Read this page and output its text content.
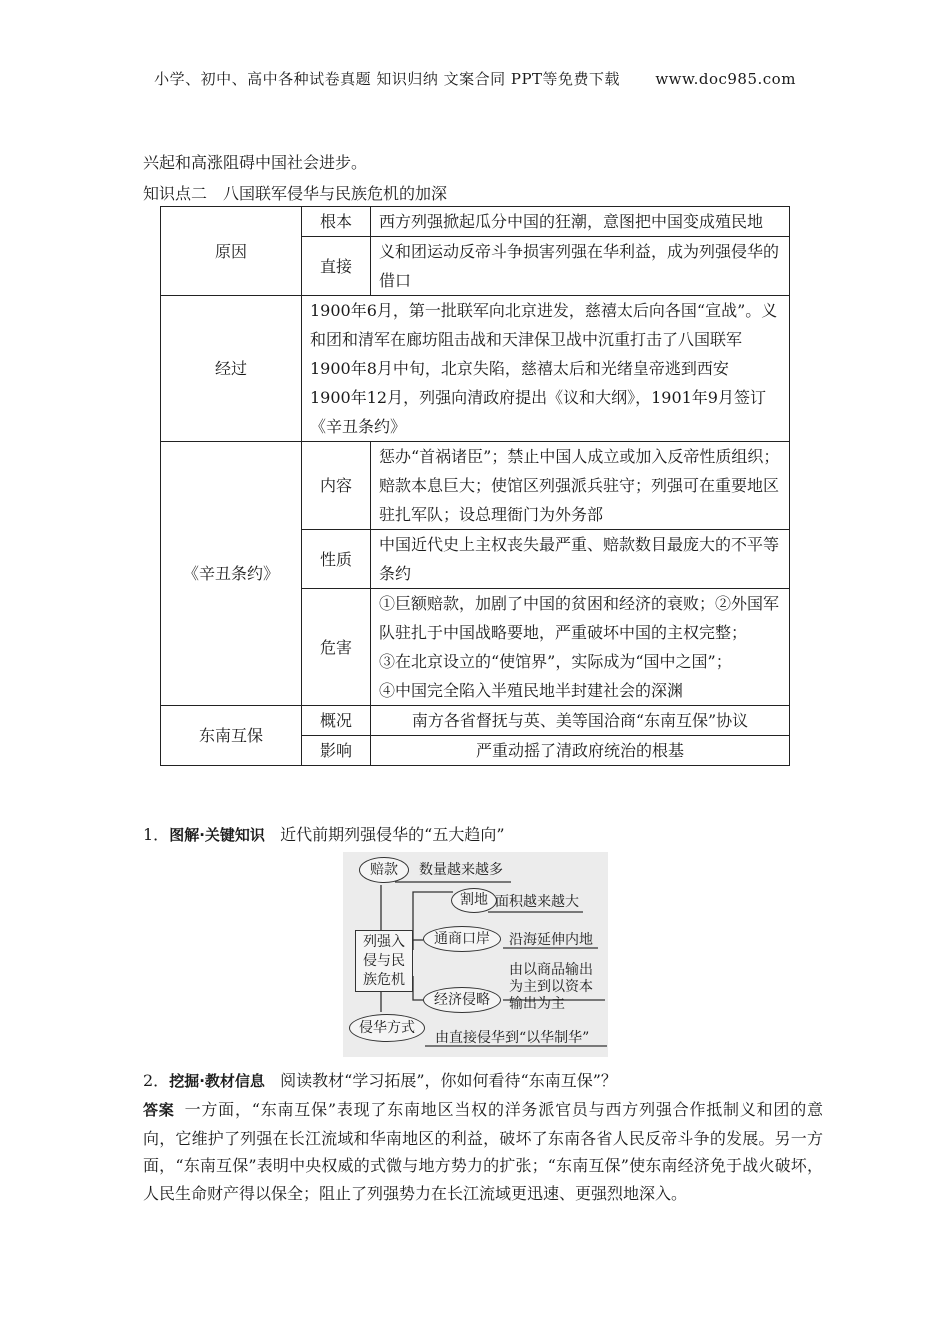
小学、初中、高中各种试卷真题 知识归纳 文案合同 PPT等免费下载 www.doc985.com
兴起和高涨阻碍中国社会进步。
知识点二　八国联军侵华与民族危机的加深
原因	根本	西方列强掀起瓜分中国的狂潮，意图把中国变成殖民地
	直接	义和团运动反帝斗争损害列强在华利益，成为列强侵华的借口
经过	1900年6月，第一批联军向北京进发，慈禧太后向各国“宣战”。义和团和清军在廊坊阻击战和天津保卫战中沉重打击了八国联军
1900年8月中旬，北京失陷，慈禧太后和光绪皇帝逃到西安
1900年12月，列强向清政府提出《议和大纲》，1901年9月签订《辛丑条约》	

《辛丑条约》	内容	惩办“首祸诸臣”；禁止中国人成立或加入反帝性质组织；赔款本息巨大；使馆区列强派兵驻守；列强可在重要地区驻扎军队；设总理衙门为外务部
	性质	中国近代史上主权丧失最严重、赔款数目最庞大的不平等条约
	危害	①巨额赔款，加剧了中国的贫困和经济的衰败；②外国军队驻扎于中国战略要地，严重破坏中国的主权完整；
③在北京设立的“使馆界”，实际成为“国中之国”；
④中国完全陷入半殖民地半封建社会的深渊

东南互保	概况	南方各省督抚与英、美等国洽商“东南互保”协议
	影响	严重动摇了清政府统治的根基
1．图解·关键知识 近代前期列强侵华的“五大趋向”
赔款	数量越来越多
割地 面积越来越大
通商口岸	沿海延伸内地
列强入
侵与民
族危机
经济侵略
由以商品输出
为主到以资本
输出为主
侵华方式
由直接侵华到“以华制华”
2．挖掘·教材信息 阅读教材“学习拓展”，你如何看待“东南互保”？
答案 一方面，“东南互保”表现了东南地区当权的洋务派官员与西方列强合作抵制义和团的意向，它维护了列强在长江流域和华南地区的利益，破坏了东南各省人民反帝斗争的发展。另一方面，“东南互保”表明中央权威的式微与地方势力的扩张；“东南互保”使东南经济免于战火破坏，人民生命财产得以保全；阻止了列强势力在长江流域更迅速、更强烈地深入。
